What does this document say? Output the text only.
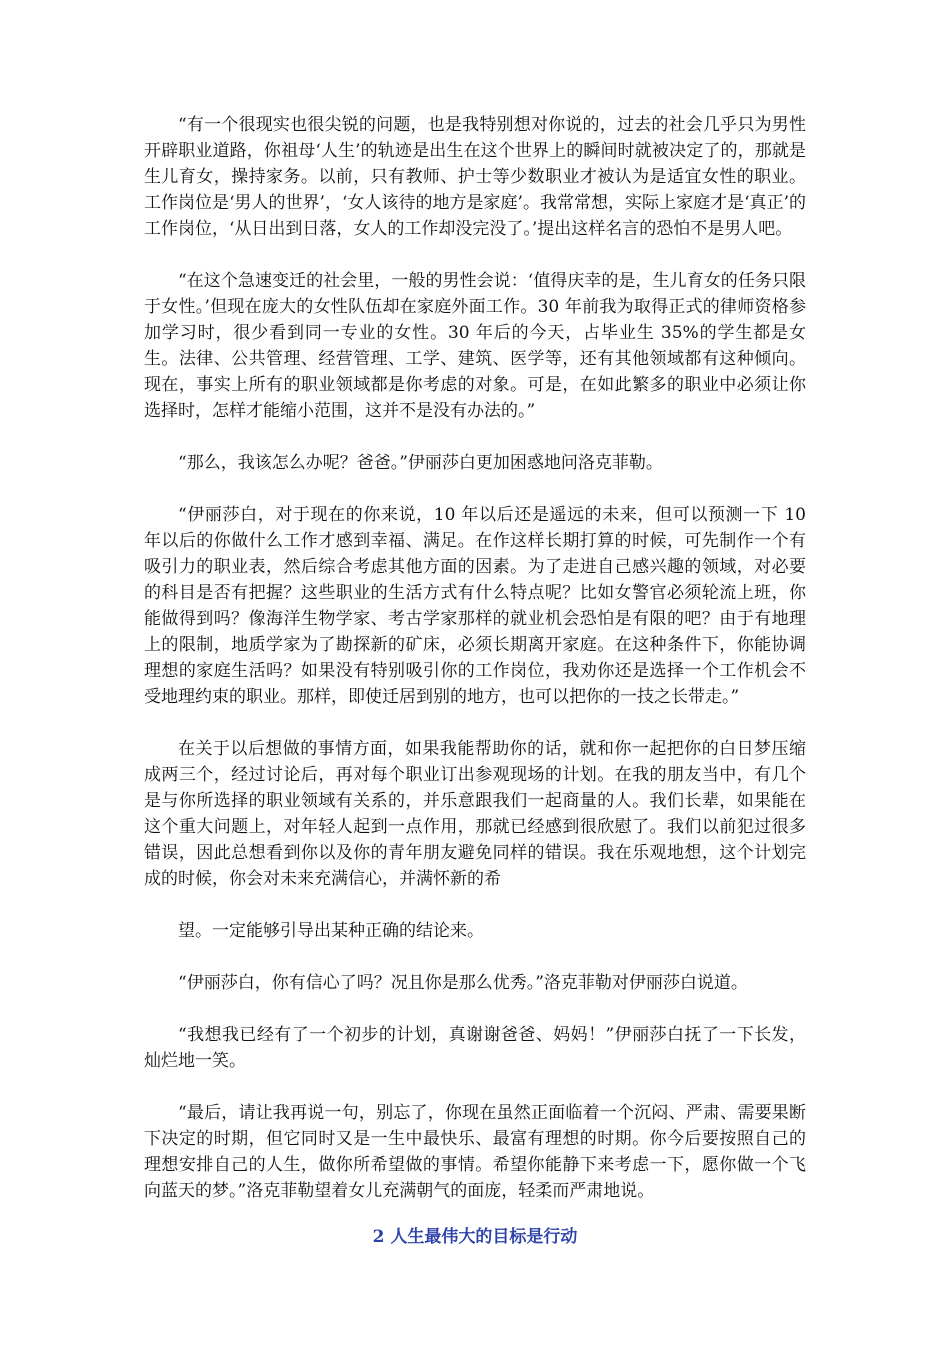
“有一个很现实也很尖锐的问题，也是我特别想对你说的，过去的社会几乎只为男性开辟职业道路，你祖母‘人生’的轨迹是出生在这个世界上的瞬间时就被决定了的，那就是生儿育女，操持家务。以前，只有教师、护士等少数职业才被认为是适宜女性的职业。工作岗位是‘男人的世界’，‘女人该待的地方是家庭’。我常常想，实际上家庭才是‘真正’的工作岗位，‘从日出到日落，女人的工作却没完没了。’提出这样名言的恐怕不是男人吧。

“在这个急速变迁的社会里，一般的男性会说：‘值得庆幸的是，生儿育女的任务只限于女性。’但现在庞大的女性队伍却在家庭外面工作。30 年前我为取得正式的律师资格参加学习时，很少看到同一专业的女性。30 年后的今天，占毕业生 35%的学生都是女生。法律、公共管理、经营管理、工学、建筑、医学等，还有其他领域都有这种倾向。现在，事实上所有的职业领域都是你考虑的对象。可是，在如此繁多的职业中必须让你选择时，怎样才能缩小范围，这并不是没有办法的。”

“那么，我该怎么办呢？爸爸。”伊丽莎白更加困惑地问洛克菲勒。

“伊丽莎白，对于现在的你来说，10 年以后还是遥远的未来，但可以预测一下 10 年以后的你做什么工作才感到幸福、满足。在作这样长期打算的时候，可先制作一个有吸引力的职业表，然后综合考虑其他方面的因素。为了走进自己感兴趣的领域，对必要的科目是否有把握？这些职业的生活方式有什么特点呢？比如女警官必须轮流上班，你能做得到吗？像海洋生物学家、考古学家那样的就业机会恐怕是有限的吧？由于有地理上的限制，地质学家为了勘探新的矿床，必须长期离开家庭。在这种条件下，你能协调理想的家庭生活吗？如果没有特别吸引你的工作岗位，我劝你还是选择一个工作机会不受地理约束的职业。那样，即使迁居到别的地方，也可以把你的一技之长带走。”

在关于以后想做的事情方面，如果我能帮助你的话，就和你一起把你的白日梦压缩成两三个，经过讨论后，再对每个职业订出参观现场的计划。在我的朋友当中，有几个是与你所选择的职业领域有关系的，并乐意跟我们一起商量的人。我们长辈，如果能在这个重大问题上，对年轻人起到一点作用，那就已经感到很欣慰了。我们以前犯过很多错误，因此总想看到你以及你的青年朋友避免同样的错误。我在乐观地想，这个计划完成的时候，你会对未来充满信心，并满怀新的希

望。一定能够引导出某种正确的结论来。

“伊丽莎白，你有信心了吗？况且你是那么优秀。”洛克菲勒对伊丽莎白说道。

“我想我已经有了一个初步的计划，真谢谢爸爸、妈妈！”伊丽莎白抚了一下长发，灿烂地一笑。

“最后，请让我再说一句，别忘了，你现在虽然正面临着一个沉闷、严肃、需要果断下决定的时期，但它同时又是一生中最快乐、最富有理想的时期。你今后要按照自己的理想安排自己的人生，做你所希望做的事情。希望你能静下来考虑一下，愿你做一个飞向蓝天的梦。”洛克菲勒望着女儿充满朝气的面庞，轻柔而严肃地说。

2 人生最伟大的目标是行动
